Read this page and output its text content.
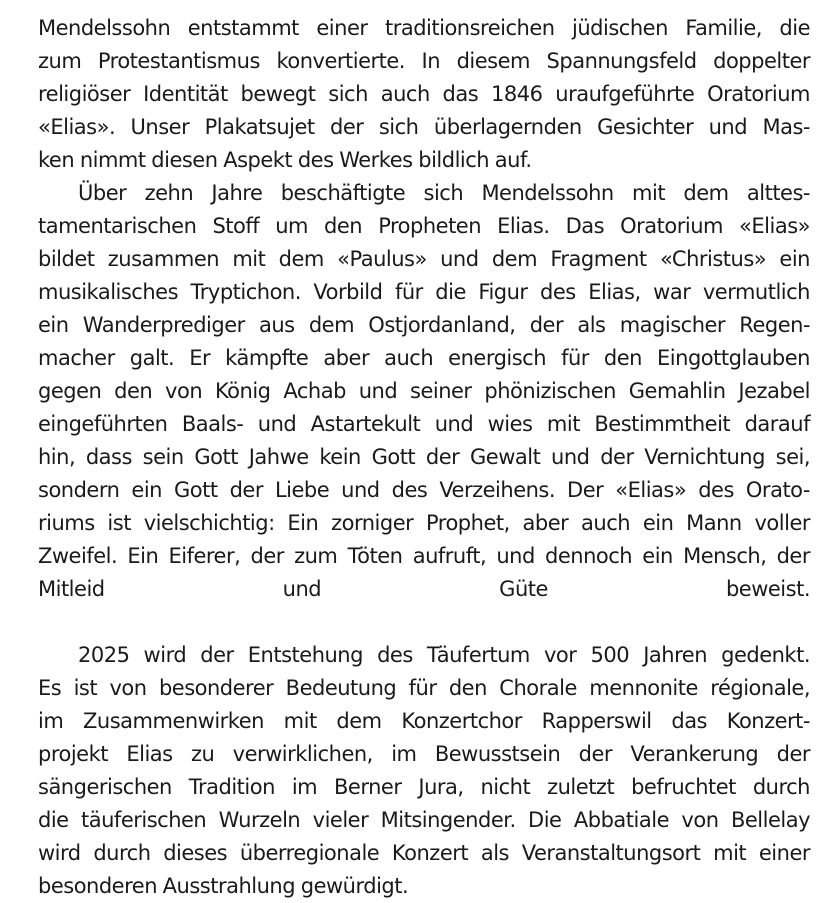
Mendelssohn entstammt einer traditionsreichen jüdischen Familie, die
zum Protestantismus konvertierte. In diesem Spannungsfeld doppelter
religiöser Identität bewegt sich auch das 1846 uraufgeführte Oratorium
«Elias». Unser Plakatsujet der sich überlagernden Gesichter und Mas-
ken nimmt diesen Aspekt des Werkes bildlich auf.
Über zehn Jahre beschäftigte sich Mendelssohn mit dem alttes-
tamentarischen Stoff um den Propheten Elias. Das Oratorium «Elias»
bildet zusammen mit dem «Paulus» und dem Fragment «Christus» ein
musikalisches Tryptichon. Vorbild für die Figur des Elias, war vermutlich
ein Wanderprediger aus dem Ostjordanland, der als magischer Regen-
macher galt. Er kämpfte aber auch energisch für den Eingottglauben
gegen den von König Achab und seiner phönizischen Gemahlin Jezabel
eingeführten Baals- und Astartekult und wies mit Bestimmtheit darauf
hin, dass sein Gott Jahwe kein Gott der Gewalt und der Vernichtung sei,
sondern ein Gott der Liebe und des Verzeihens. Der «Elias» des Orato-
riums ist vielschichtig: Ein zorniger Prophet, aber auch ein Mann voller
Zweifel. Ein Eiferer, der zum Töten aufruft, und dennoch ein Mensch, der
Mitleid und Güte beweist.
2025 wird der Entstehung des Täufertum vor 500 Jahren gedenkt.
Es ist von besonderer Bedeutung für den Chorale mennonite régionale,
im Zusammenwirken mit dem Konzertchor Rapperswil das Konzert-
projekt Elias zu verwirklichen, im Bewusstsein der Verankerung der
sängerischen Tradition im Berner Jura, nicht zuletzt befruchtet durch
die täuferischen Wurzeln vieler Mitsingender. Die Abbatiale von Bellelay
wird durch dieses überregionale Konzert als Veranstaltungsort mit einer
besonderen Ausstrahlung gewürdigt.
